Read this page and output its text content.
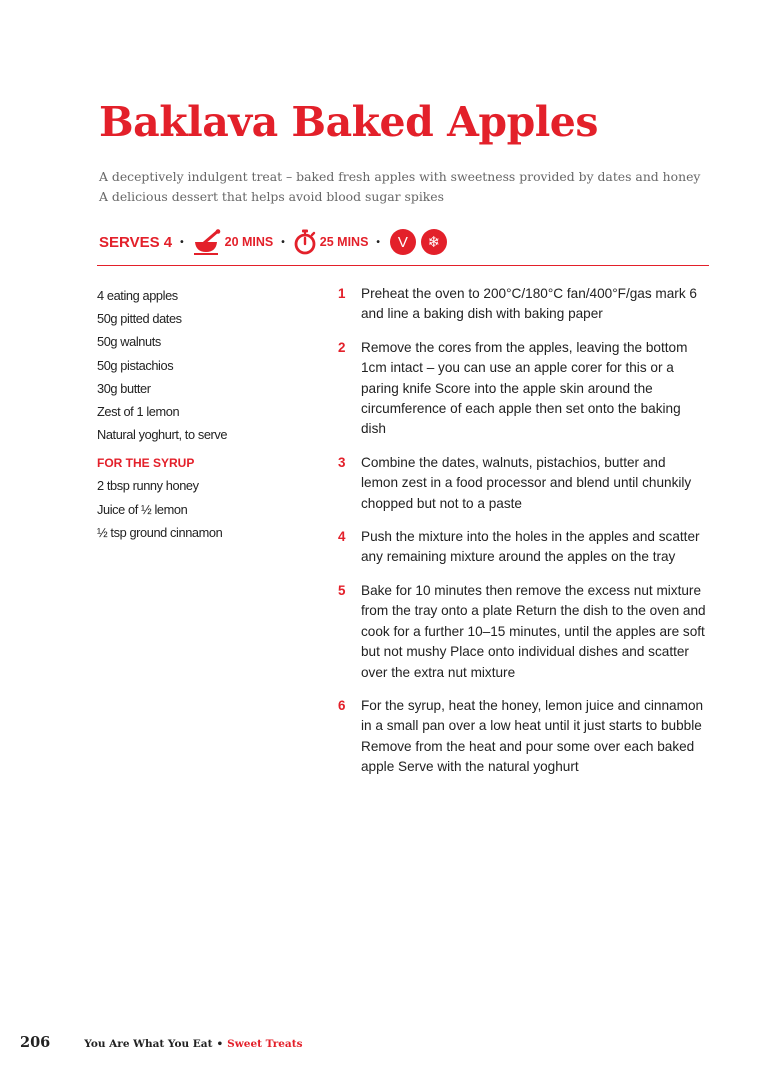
Baklava Baked Apples
A deceptively indulgent treat – baked fresh apples with sweetness provided by dates and honey
A delicious dessert that helps avoid blood sugar spikes
SERVES 4 •	20 MINS •	25 MINS •	V	❄
4 eating apples
50g pitted dates
50g walnuts
50g pistachios
30g butter
Zest of 1 lemon
Natural yoghurt, to serve
FOR THE SYRUP
2 tbsp runny honey
Juice of ½ lemon
½ tsp ground cinnamon
1	Preheat the oven to 200°C/180°C fan/400°F/gas mark 6 and line a baking dish with baking paper
2	Remove the cores from the apples, leaving the bottom 1cm intact – you can use an apple corer for this or a paring knife Score into the apple skin around the circumference of each apple then set onto the baking dish
3	Combine the dates, walnuts, pistachios, butter and lemon zest in a food processor and blend until chunkily chopped but not to a paste
4	Push the mixture into the holes in the apples and scatter any remaining mixture around the apples on the tray
5	Bake for 10 minutes then remove the excess nut mixture from the tray onto a plate Return the dish to the oven and cook for a further 10–15 minutes, until the apples are soft but not mushy Place onto individual dishes and scatter over the extra nut mixture
6	For the syrup, heat the honey, lemon juice and cinnamon in a small pan over a low heat until it just starts to bubble Remove from the heat and pour some over each baked apple Serve with the natural yoghurt
206	You Are What You Eat • Sweet Treats
